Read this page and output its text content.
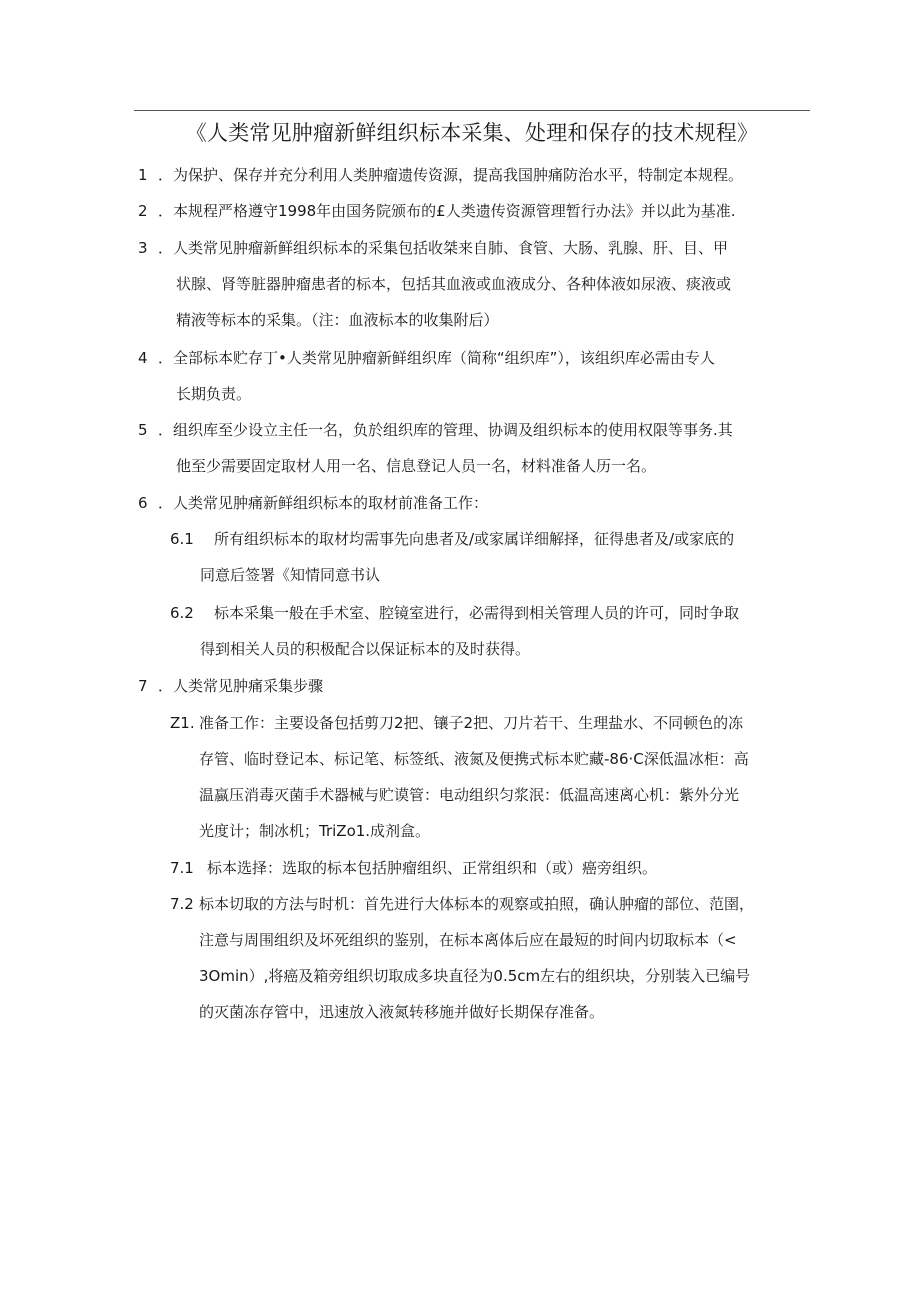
《人类常见肿瘤新鲜组织标本采集、处理和保存的技术规程》
1 ．为保护、保存并充分利用人类肿瘤遗传资源，提高我国肿痛防治水平，特制定本规程。
2 ．本规程严格遵守1998年由国务院颁布的£人类遗传资源管理暂行办法》并以此为基准.
3 ．人类常见肿瘤新鲜组织标本的采集包括收桀来自肺、食管、大肠、乳腺、肝、目、甲
状腺、肾等脏器肿瘤患者的标本，包括其血液或血液成分、各种体液如尿液、痰液或
精液等标本的采集。（注：血液标本的收集附后）
4 ．全部标本贮存丁•人类常见肿瘤新鲜组织库（简称“组织库”），该组织库必需由专人
长期负责。
5 ．组织库至少设立主任一名，负於组织库的管理、协调及组织标本的使用权限等事务.其
他至少需要固定取材人用一名、信息登记人员一名，材料准备人历一名。
6 ．人类常见肿痛新鲜组织标本的取材前准备工作：
6.1 所有组织标本的取材均需事先向患者及/或家属详细解择，征得患者及/或家底的
同意后签署《知情同意书认
6.2 标本采集一般在手术室、腔镜室进行，必需得到相关管理人员的许可，同时争取
得到相关人员的积极配合以保证标本的及时获得。
7 ．人类常见肿痛采集步骤
Z1. 准备工作：主要设备包括剪刀2把、镶子2把、刀片若干、生理盐水、不同顿色的冻
存管、临时登记本、标记笔、标签纸、液氮及便携式标本贮藏-86·C深低温冰柜：高
温蠃压消毒灭菌手术器械与贮谟管：电动组织匀浆泯：低温高速离心机：紫外分光
光度计；制冰机；TriZo1.成剂盒。
7.1 标本选择：选取的标本包括肿瘤组织、正常组织和（或）癌旁组织。
7.2 标本切取的方法与时机：首先进行大体标本的观察或拍照，确认肿瘤的部位、范圉，
注意与周围组织及坏死组织的鉴别，在标本离体后应在最短的时间内切取标本（<
3Omin）,将癌及箱旁组织切取成多块直径为0.5cm左右的组织块，分别装入已编号
的灭菌冻存管中，迅速放入液氮转移施并做好长期保存准备。
